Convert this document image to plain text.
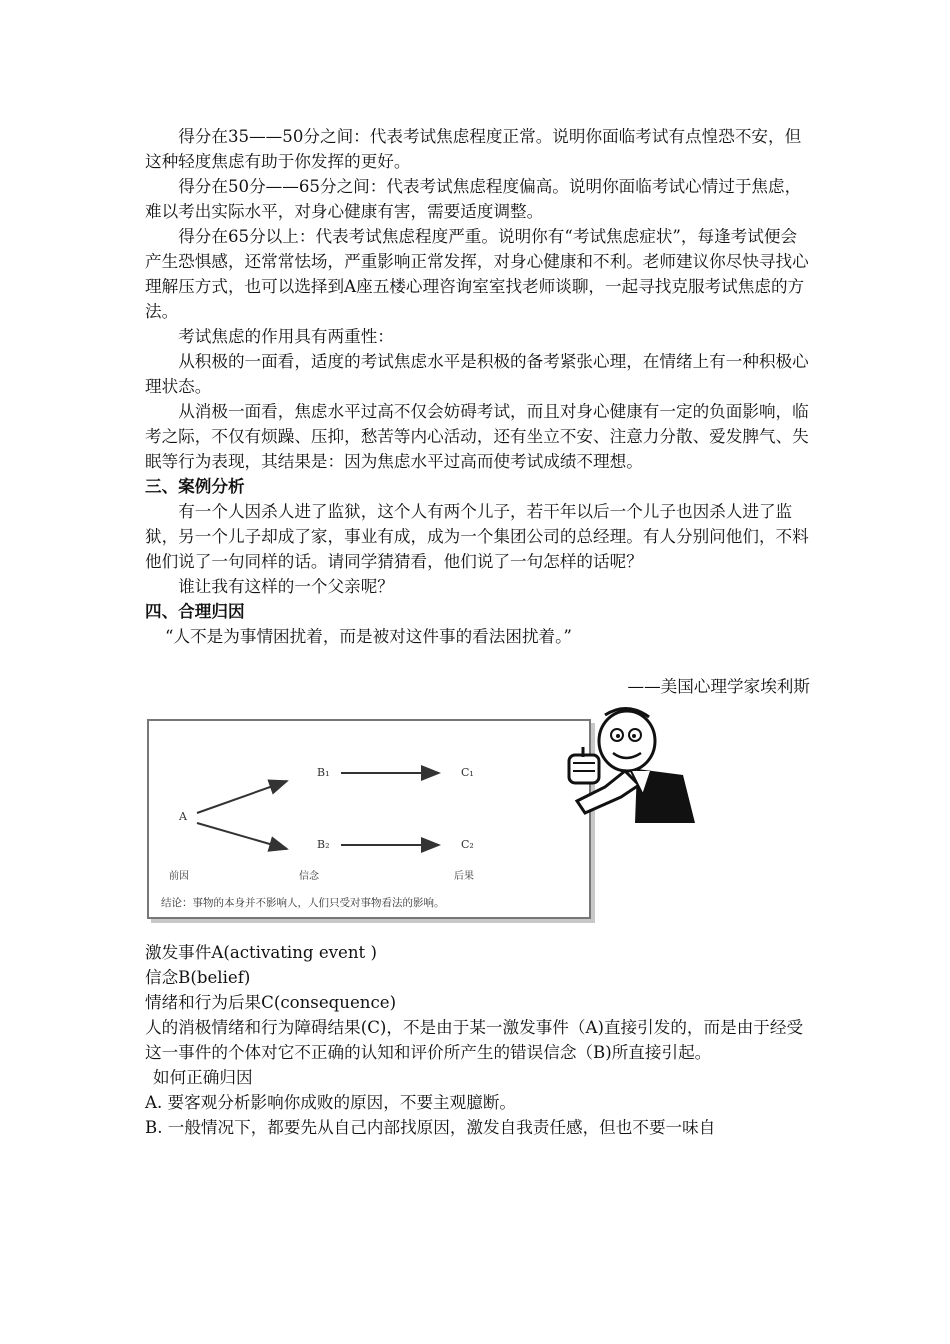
得分在35——50分之间：代表考试焦虑程度正常。说明你面临考试有点惶恐不安，但这种轻度焦虑有助于你发挥的更好。

得分在50分——65分之间：代表考试焦虑程度偏高。说明你面临考试心情过于焦虑，难以考出实际水平，对身心健康有害，需要适度调整。

得分在65分以上：代表考试焦虑程度严重。说明你有“考试焦虑症状”，每逢考试便会产生恐惧感，还常常怯场，严重影响正常发挥，对身心健康和不利。老师建议你尽快寻找心理解压方式，也可以选择到A座五楼心理咨询室室找老师谈聊，一起寻找克服考试焦虑的方法。

考试焦虑的作用具有两重性：

从积极的一面看，适度的考试焦虑水平是积极的备考紧张心理，在情绪上有一种积极心理状态。

从消极一面看，焦虑水平过高不仅会妨碍考试，而且对身心健康有一定的负面影响，临考之际，不仅有烦躁、压抑，愁苦等内心活动，还有坐立不安、注意力分散、爱发脾气、失眠等行为表现，其结果是：因为焦虑水平过高而使考试成绩不理想。

三、案例分析

有一个人因杀人进了监狱，这个人有两个儿子，若干年以后一个儿子也因杀人进了监狱，另一个儿子却成了家，事业有成，成为一个集团公司的总经理。有人分别问他们，不料他们说了一句同样的话。请同学猜猜看，他们说了一句怎样的话呢？

谁让我有这样的一个父亲呢？

四、合理归因

“人不是为事情困扰着，而是被对这件事的看法困扰着。”

——美国心理学家埃利斯

A
B₁
B₂
C₁
C₂
前因	信念	后果
结论：事物的本身并不影响人，人们只受对事物看法的影响。

激发事件A(activating event )

信念B(belief)

情绪和行为后果C(consequence)

人的消极情绪和行为障碍结果(C)，不是由于某一激发事件（A)直接引发的，而是由于经受这一事件的个体对它不正确的认知和评价所产生的错误信念（B)所直接引起。

如何正确归因

A. 要客观分析影响你成败的原因，不要主观臆断。

B. 一般情况下，都要先从自己内部找原因，激发自我责任感，但也不要一味自
